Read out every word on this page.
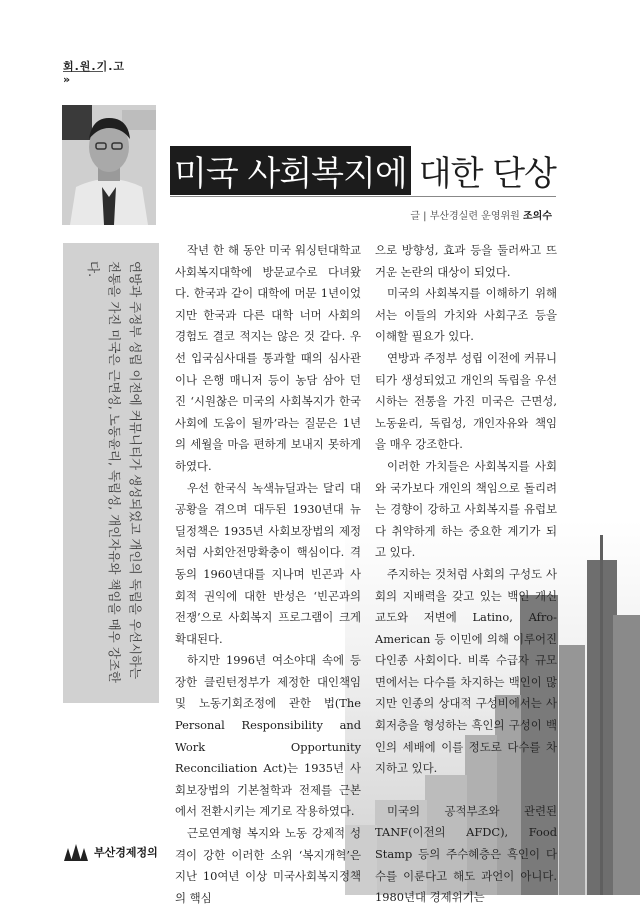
회.원.기.고
»
미국 사회복지에 대한 단상
글 | 부산경실련 운영위원 조의수
연방과 주정부 성립 이전에 커뮤니티가 생성되었고 개인의 독립을 우선시하는 전통을 가진 미국은 근면성, 노동윤리, 독립성, 개인자유와 책임을 매우 강조한다.

작년 한 해 동안 미국 워싱턴대학교 사회복지대학에 방문교수로 다녀왔다. 한국과 같이 대학에 머문 1년이었지만 한국과 다른 대학 너머 사회의 경험도 결코 적지는 않은 것 같다. 우선 입국심사대를 통과할 때의 심사관이나 은행 매니저 등이 농담 삼아 던진 ‘시원찮은 미국의 사회복지가 한국사회에 도움이 될까’라는 질문은 1년의 세월을 마음 편하게 보내지 못하게 하였다.

우선 한국식 녹색뉴딜과는 달리 대공황을 겪으며 대두된 1930년대 뉴딜정책은 1935년 사회보장법의 제정처럼 사회안전망확충이 핵심이다. 격동의 1960년대를 지나며 빈곤과 사회적 권익에 대한 반성은 ‘빈곤과의 전쟁’으로 사회복지 프로그램이 크게 확대된다.

하지만 1996년 여소야대 속에 등장한 클린턴정부가 제정한 대인책임 및 노동기회조정에 관한 법(The Personal Responsibility and Work Opportunity Reconciliation Act)는 1935년 사회보장법의 기본철학과 전제를 근본에서 전환시키는 계기로 작용하였다.

근로연계형 복지와 노동 강제적 성격이 강한 이러한 소위 ‘복지개혁’은 지난 10여년 이상 미국사회복지정책의 핵심

으로 방향성, 효과 등을 둘러싸고 뜨거운 논란의 대상이 되었다.

미국의 사회복지를 이해하기 위해서는 이들의 가치와 사회구조 등을 이해할 필요가 있다.

연방과 주정부 성립 이전에 커뮤니티가 생성되었고 개인의 독립을 우선시하는 전통을 가진 미국은 근면성, 노동윤리, 독립성, 개인자유와 책임을 매우 강조한다.

이러한 가치들은 사회복지를 사회와 국가보다 개인의 책임으로 돌리려는 경향이 강하고 사회복지를 유럽보다 취약하게 하는 중요한 계기가 되고 있다.

주지하는 것처럼 사회의 구성도 사회의 지배력을 갖고 있는 백인 개신교도와 저변에 Latino, Afro-American 등 이민에 의해 이루어진 다인종 사회이다. 비록 수급자 규모면에서는 다수를 차지하는 백인이 많지만 인종의 상대적 구성비에서는 사회저층을 형성하는 흑인의 구성이 백인의 세배에 이를 정도로 다수를 차지하고 있다.

미국의 공적부조와 관련된 TANF(이전의 AFDC), Food Stamp 등의 주수혜층은 흑인이 다수를 이룬다고 해도 과언이 아니다. 1980년대 경제위기는

부산경제정의
